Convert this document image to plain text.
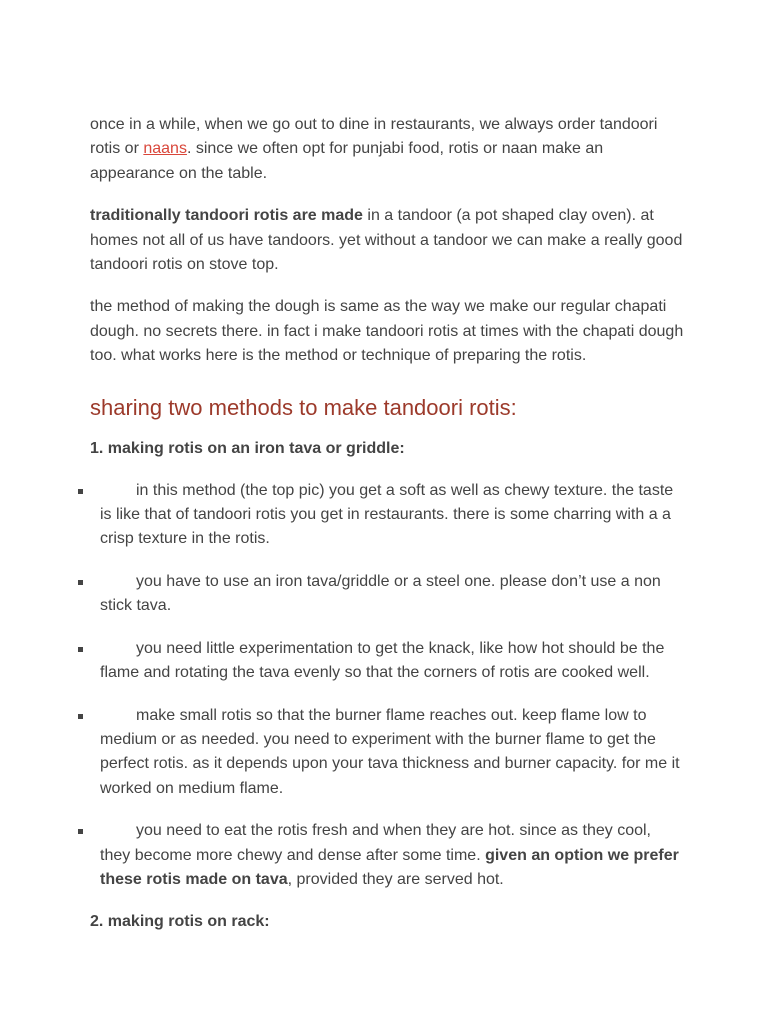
once in a while, when we go out to dine in restaurants, we always order tandoori rotis or naans. since we often opt for punjabi food, rotis or naan make an appearance on the table.

traditionally tandoori rotis are made in a tandoor (a pot shaped clay oven). at homes not all of us have tandoors. yet without a tandoor we can make a really good tandoori rotis on stove top.

the method of making the dough is same as the way we make our regular chapati dough. no secrets there. in fact i make tandoori rotis at times with the chapati dough too. what works here is the method or technique of preparing the rotis.

sharing two methods to make tandoori rotis:
1. making rotis on an iron tava or griddle:
in this method (the top pic) you get a soft as well as chewy texture. the taste is like that of tandoori rotis you get in restaurants. there is some charring with a a crisp texture in the rotis.
you have to use an iron tava/griddle or a steel one. please don’t use a non stick tava.
you need little experimentation to get the knack, like how hot should be the flame and rotating the tava evenly so that the corners of rotis are cooked well.
make small rotis so that the burner flame reaches out. keep flame low to medium or as needed. you need to experiment with the burner flame to get the perfect rotis. as it depends upon your tava thickness and burner capacity. for me it worked on medium flame.
you need to eat the rotis fresh and when they are hot. since as they cool, they become more chewy and dense after some time. given an option we prefer these rotis made on tava, provided they are served hot.
2. making rotis on rack:
